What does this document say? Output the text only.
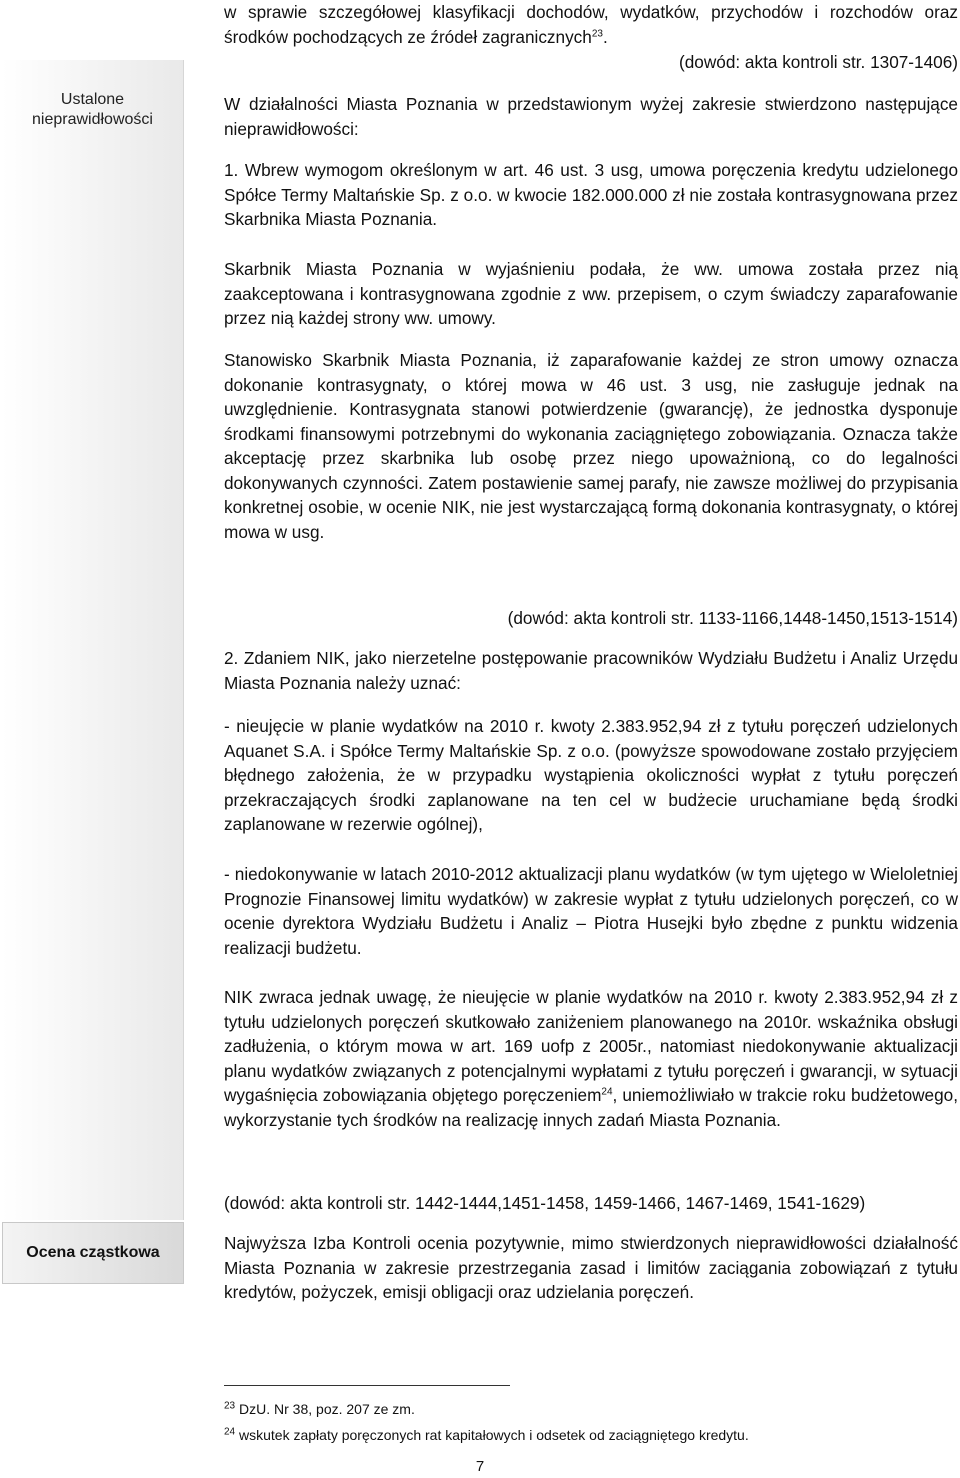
Ustalone nieprawidłowości
Ocena cząstkowa

w sprawie szczegółowej klasyfikacji dochodów, wydatków, przychodów i rozchodów oraz środków pochodzących ze źródeł zagranicznych$^{23}$.

(dowód: akta kontroli str. 1307-1406)

W działalności Miasta Poznania w przedstawionym wyżej zakresie stwierdzono następujące nieprawidłowości:

1. Wbrew wymogom określonym w art. 46 ust. 3 usg, umowa poręczenia kredytu udzielonego Spółce Termy Maltańskie Sp. z o.o. w kwocie 182.000.000 zł nie została kontrasygnowana przez Skarbnika Miasta Poznania.

Skarbnik Miasta Poznania w wyjaśnieniu podała, że ww. umowa została przez nią zaakceptowana i kontrasygnowana zgodnie z ww. przepisem, o czym świadczy zaparafowanie przez nią każdej strony ww. umowy.

Stanowisko Skarbnik Miasta Poznania, iż zaparafowanie każdej ze stron umowy oznacza dokonanie kontrasygnaty, o której mowa w 46 ust. 3 usg, nie zasługuje jednak na uwzględnienie. Kontrasygnata stanowi potwierdzenie (gwarancję), że jednostka dysponuje środkami finansowymi potrzebnymi do wykonania zaciągniętego zobowiązania. Oznacza także akceptację przez skarbnika lub osobę przez niego upoważnioną, co do legalności dokonywanych czynności. Zatem postawienie samej parafy, nie zawsze możliwej do przypisania konkretnej osobie, w ocenie NIK, nie jest wystarczającą formą dokonania kontrasygnaty, o której mowa w usg.

(dowód: akta kontroli str. 1133-1166,1448-1450,1513-1514)

2. Zdaniem NIK, jako nierzetelne postępowanie pracowników Wydziału Budżetu i Analiz Urzędu Miasta Poznania należy uznać:

- nieujęcie w planie wydatków na 2010 r. kwoty 2.383.952,94 zł z tytułu poręczeń udzielonych Aquanet S.A. i Spółce Termy Maltańskie Sp. z o.o. (powyższe spowodowane zostało przyjęciem błędnego założenia, że w przypadku wystąpienia okoliczności wypłat z tytułu poręczeń przekraczających środki zaplanowane na ten cel w budżecie uruchamiane będą środki zaplanowane w rezerwie ogólnej),

- niedokonywanie w latach 2010-2012 aktualizacji planu wydatków (w tym ujętego w Wieloletniej Prognozie Finansowej limitu wydatków) w zakresie wypłat z tytułu udzielonych poręczeń, co w ocenie dyrektora Wydziału Budżetu i Analiz – Piotra Husejki było zbędne z punktu widzenia realizacji budżetu.

NIK zwraca jednak uwagę, że nieujęcie w planie wydatków na 2010 r. kwoty 2.383.952,94 zł z tytułu udzielonych poręczeń skutkowało zaniżeniem planowanego na 2010r. wskaźnika obsługi zadłużenia, o którym mowa w art. 169 uofp z 2005r., natomiast niedokonywanie aktualizacji planu wydatków związanych z potencjalnymi wypłatami z tytułu poręczeń i gwarancji, w sytuacji wygaśnięcia zobowiązania objętego poręczeniem$^{24}$, uniemożliwiało w trakcie roku budżetowego, wykorzystanie tych środków na realizację innych zadań Miasta Poznania.

(dowód: akta kontroli str. 1442-1444,1451-1458, 1459-1466, 1467-1469, 1541-1629)

Najwyższa Izba Kontroli ocenia pozytywnie, mimo stwierdzonych nieprawidłowości działalność Miasta Poznania w zakresie przestrzegania zasad i limitów zaciągania zobowiązań z tytułu kredytów, pożyczek, emisji obligacji oraz udzielania poręczeń.

$^{23}$ DzU. Nr 38, poz. 207 ze zm.

$^{24}$ wskutek zapłaty poręczonych rat kapitałowych i odsetek od zaciągniętego kredytu.

7
